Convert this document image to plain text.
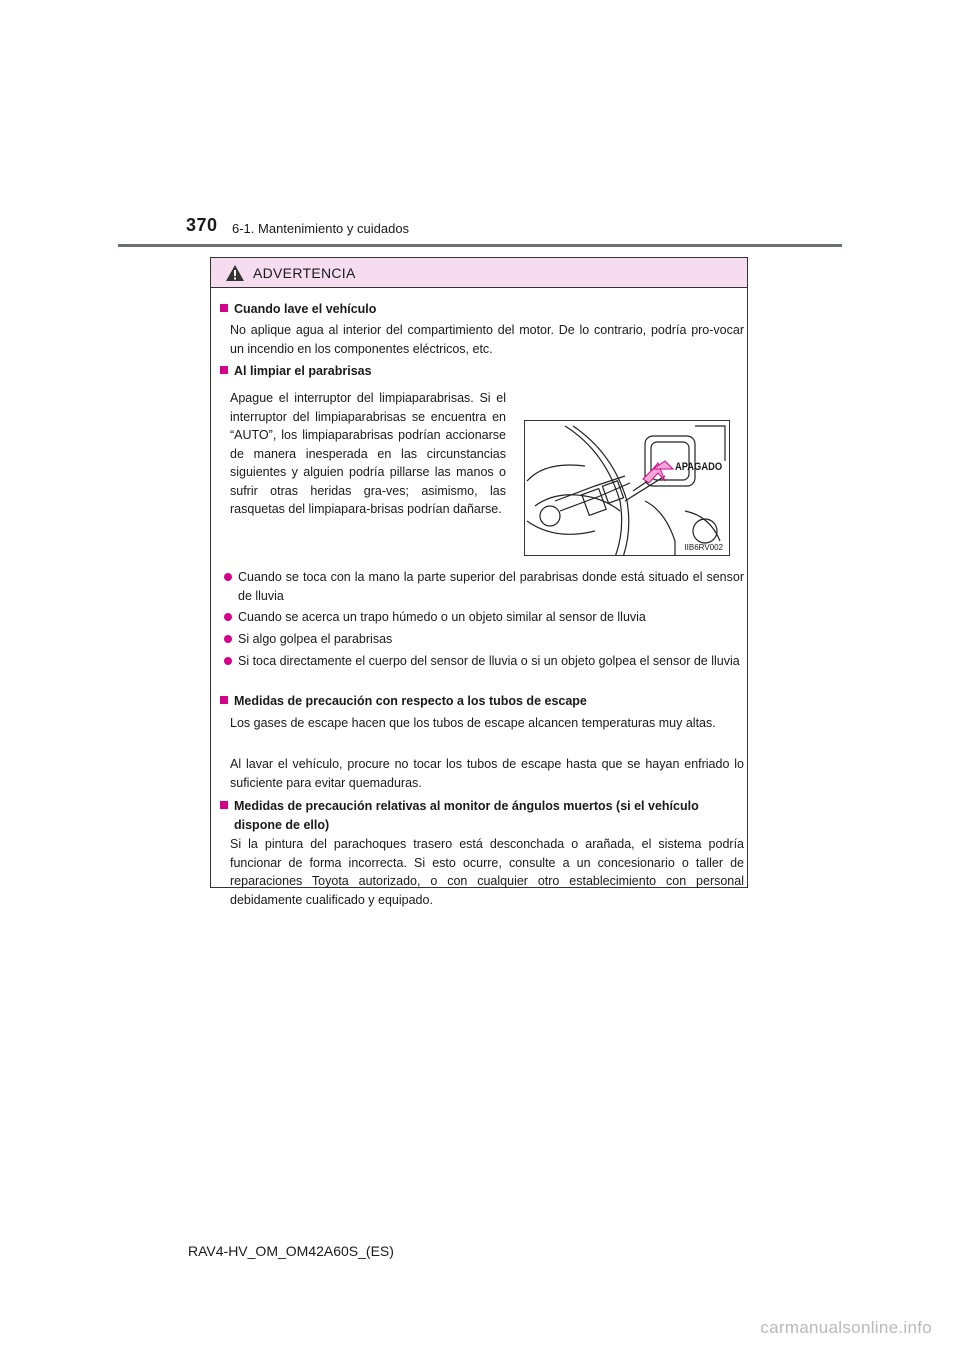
370 6-1. Mantenimiento y cuidados
ADVERTENCIA
Cuando lave el vehículo
No aplique agua al interior del compartimiento del motor. De lo contrario, podría pro-vocar un incendio en los componentes eléctricos, etc.
Al limpiar el parabrisas
Apague el interruptor del limpiaparabrisas. Si el interruptor del limpiaparabrisas se encuentra en “AUTO”, los limpiaparabrisas podrían accionarse de manera inesperada en las circunstancias siguientes y alguien podría pillarse las manos o sufrir otras heridas gra-ves; asimismo, las rasquetas del limpiapara-brisas podrían dañarse.
APAGADO
IIB6RV002
Cuando se toca con la mano la parte superior del parabrisas donde está situado el sensor de lluvia
Cuando se acerca un trapo húmedo o un objeto similar al sensor de lluvia
Si algo golpea el parabrisas
Si toca directamente el cuerpo del sensor de lluvia o si un objeto golpea el sensor de lluvia
Medidas de precaución con respecto a los tubos de escape
Los gases de escape hacen que los tubos de escape alcancen temperaturas muy altas.
Al lavar el vehículo, procure no tocar los tubos de escape hasta que se hayan enfriado lo suficiente para evitar quemaduras.
Medidas de precaución relativas al monitor de ángulos muertos (si el vehículo dispone de ello)
Si la pintura del parachoques trasero está desconchada o arañada, el sistema podría funcionar de forma incorrecta. Si esto ocurre, consulte a un concesionario o taller de reparaciones Toyota autorizado, o con cualquier otro establecimiento con personal debidamente cualificado y equipado.
RAV4-HV_OM_OM42A60S_(ES)
carmanualsonline.info
